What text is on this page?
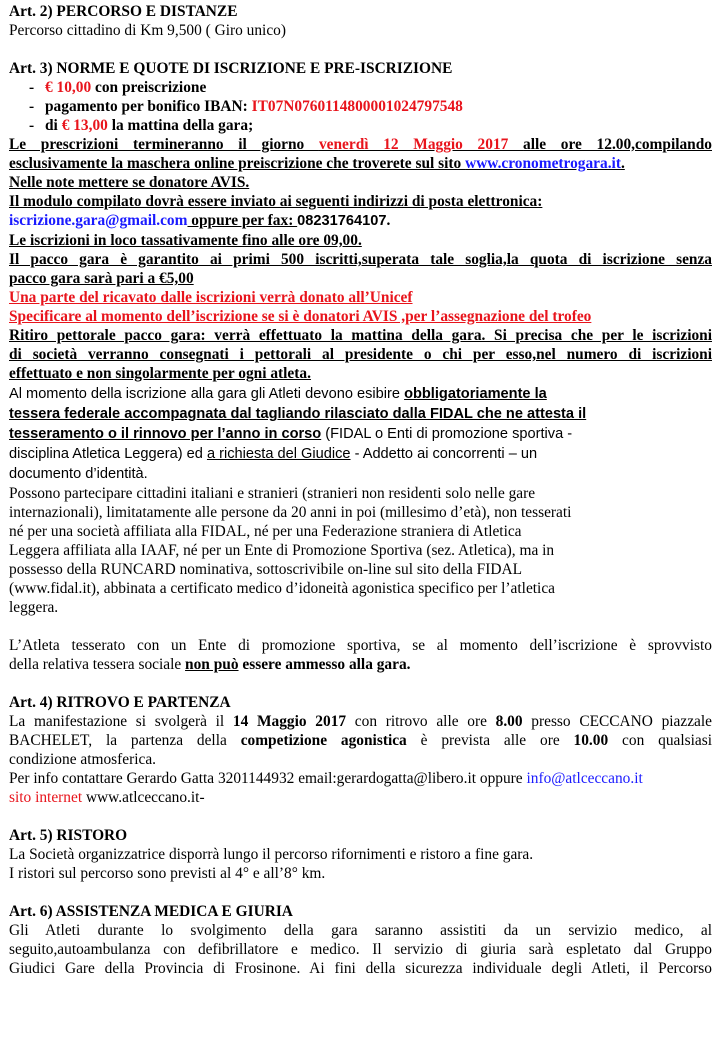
Art. 2) PERCORSO E DISTANZE

Percorso cittadino di Km 9,500 ( Giro unico)

Art. 3) NORME E QUOTE DI ISCRIZIONE E PRE-ISCRIZIONE

- € 10,00 con preiscrizione
- pagamento per bonifico IBAN: IT07N0760114800001024797548
- di € 13,00 la mattina della gara;

Le prescrizioni termineranno il giorno venerdì 12 Maggio 2017 alle ore 12.00,compilando

esclusivamente la maschera online preiscrizione che troverete sul sito www.cronometrogara.it.

Nelle note mettere se donatore AVIS.

Il modulo compilato dovrà essere inviato ai seguenti indirizzi di posta elettronica:

iscrizione.gara@gmail.com oppure per fax: 08231764107.

Le iscrizioni in loco tassativamente fino alle ore 09,00.

Il pacco gara è garantito ai primi 500 iscritti,superata tale soglia,la quota di iscrizione senza

pacco gara sarà pari a €5,00

Una parte del ricavato dalle iscrizioni verrà donato all’Unicef

Specificare al momento dell’iscrizione se si è donatori AVIS ,per l’assegnazione del trofeo

Ritiro pettorale pacco gara: verrà effettuato la mattina della gara. Si precisa che per le iscrizioni

di società verranno consegnati i pettorali al presidente o chi per esso,nel numero di iscrizioni

effettuato e non singolarmente per ogni atleta.

Al momento della iscrizione alla gara gli Atleti devono esibire obbligatoriamente la

tessera federale accompagnata dal tagliando rilasciato dalla FIDAL che ne attesta il

tesseramento o il rinnovo per l’anno in corso (FIDAL o Enti di promozione sportiva -

disciplina Atletica Leggera) ed a richiesta del Giudice - Addetto ai concorrenti – un

documento d’identità.

Possono partecipare cittadini italiani e stranieri (stranieri non residenti solo nelle gare

internazionali), limitatamente alle persone da 20 anni in poi (millesimo d’età), non tesserati

né per una società affiliata alla FIDAL, né per una Federazione straniera di Atletica

Leggera affiliata alla IAAF, né per un Ente di Promozione Sportiva (sez. Atletica), ma in

possesso della RUNCARD nominativa, sottoscrivibile on-line sul sito della FIDAL

(www.fidal.it), abbinata a certificato medico d’idoneità agonistica specifico per l’atletica

leggera.

L’Atleta tesserato con un Ente di promozione sportiva, se al momento dell’iscrizione è sprovvisto

della relativa tessera sociale non può essere ammesso alla gara.

Art. 4) RITROVO E PARTENZA

La manifestazione si svolgerà il 14 Maggio 2017 con ritrovo alle ore 8.00 presso CECCANO piazzale

BACHELET, la partenza della competizione agonistica è prevista alle ore 10.00 con qualsiasi

condizione atmosferica.

Per info contattare Gerardo Gatta 3201144932 email:gerardogatta@libero.it oppure info@atlceccano.it

sito internet www.atlceccano.it-

Art. 5) RISTORO

La Società organizzatrice disporrà lungo il percorso rifornimenti e ristoro a fine gara.

I ristori sul percorso sono previsti al 4° e all’8° km.

Art. 6) ASSISTENZA MEDICA E GIURIA

Gli Atleti durante lo svolgimento della gara saranno assistiti da un servizio medico, al

seguito,autoambulanza con defibrillatore e medico. Il servizio di giuria sarà espletato dal Gruppo

Giudici Gare della Provincia di Frosinone. Ai fini della sicurezza individuale degli Atleti, il Percorso
